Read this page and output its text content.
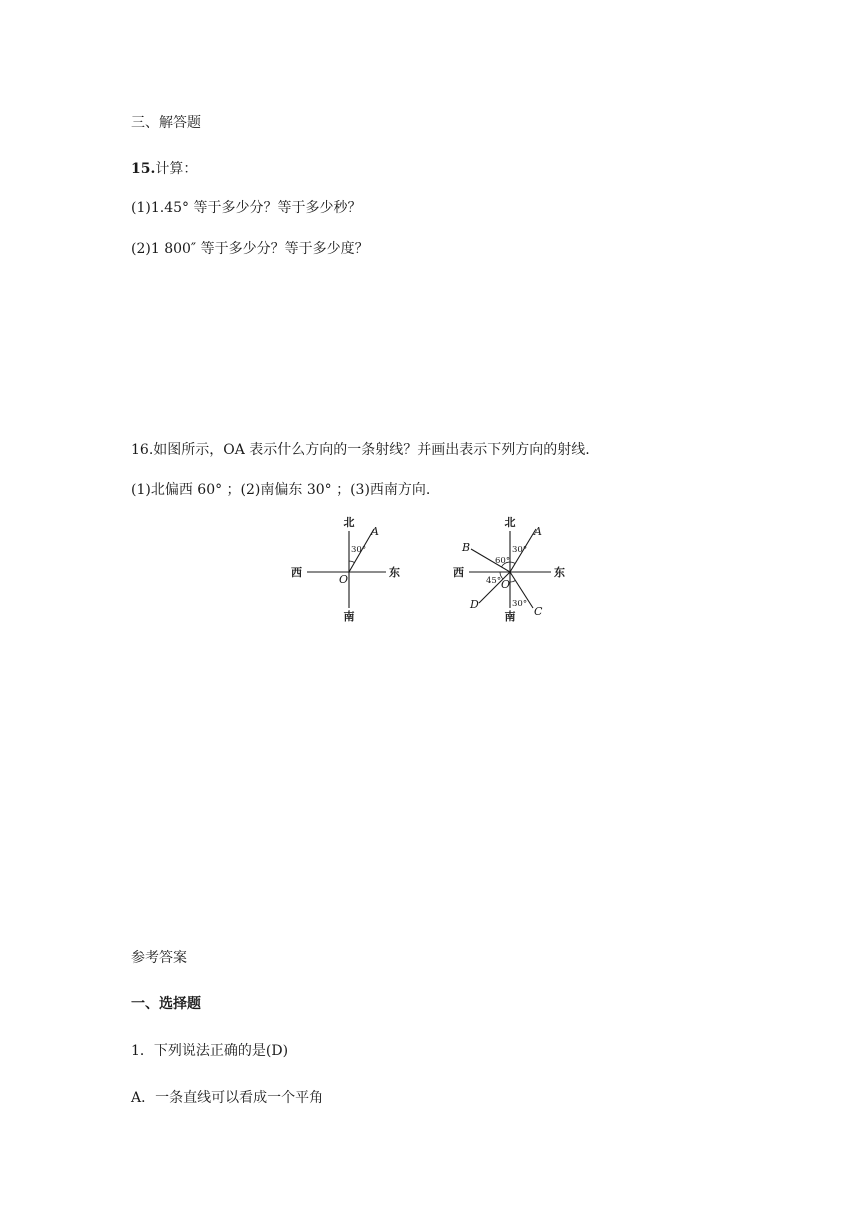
三、解答题
15.计算：
(1)1.45° 等于多少分？等于多少秒？
(2)1 800″ 等于多少分？等于多少度？
16.如图所示，OA 表示什么方向的一条射线？并画出表示下列方向的射线.
(1)北偏西 60° ；(2)南偏东 30° ；(3)西南方向.
北
南
西	东
O
A
30°
北
南
西	东
O
A
B
C
D
30°
60°
45°
30°
参考答案
一、选择题
1．下列说法正确的是(D)
A．一条直线可以看成一个平角
